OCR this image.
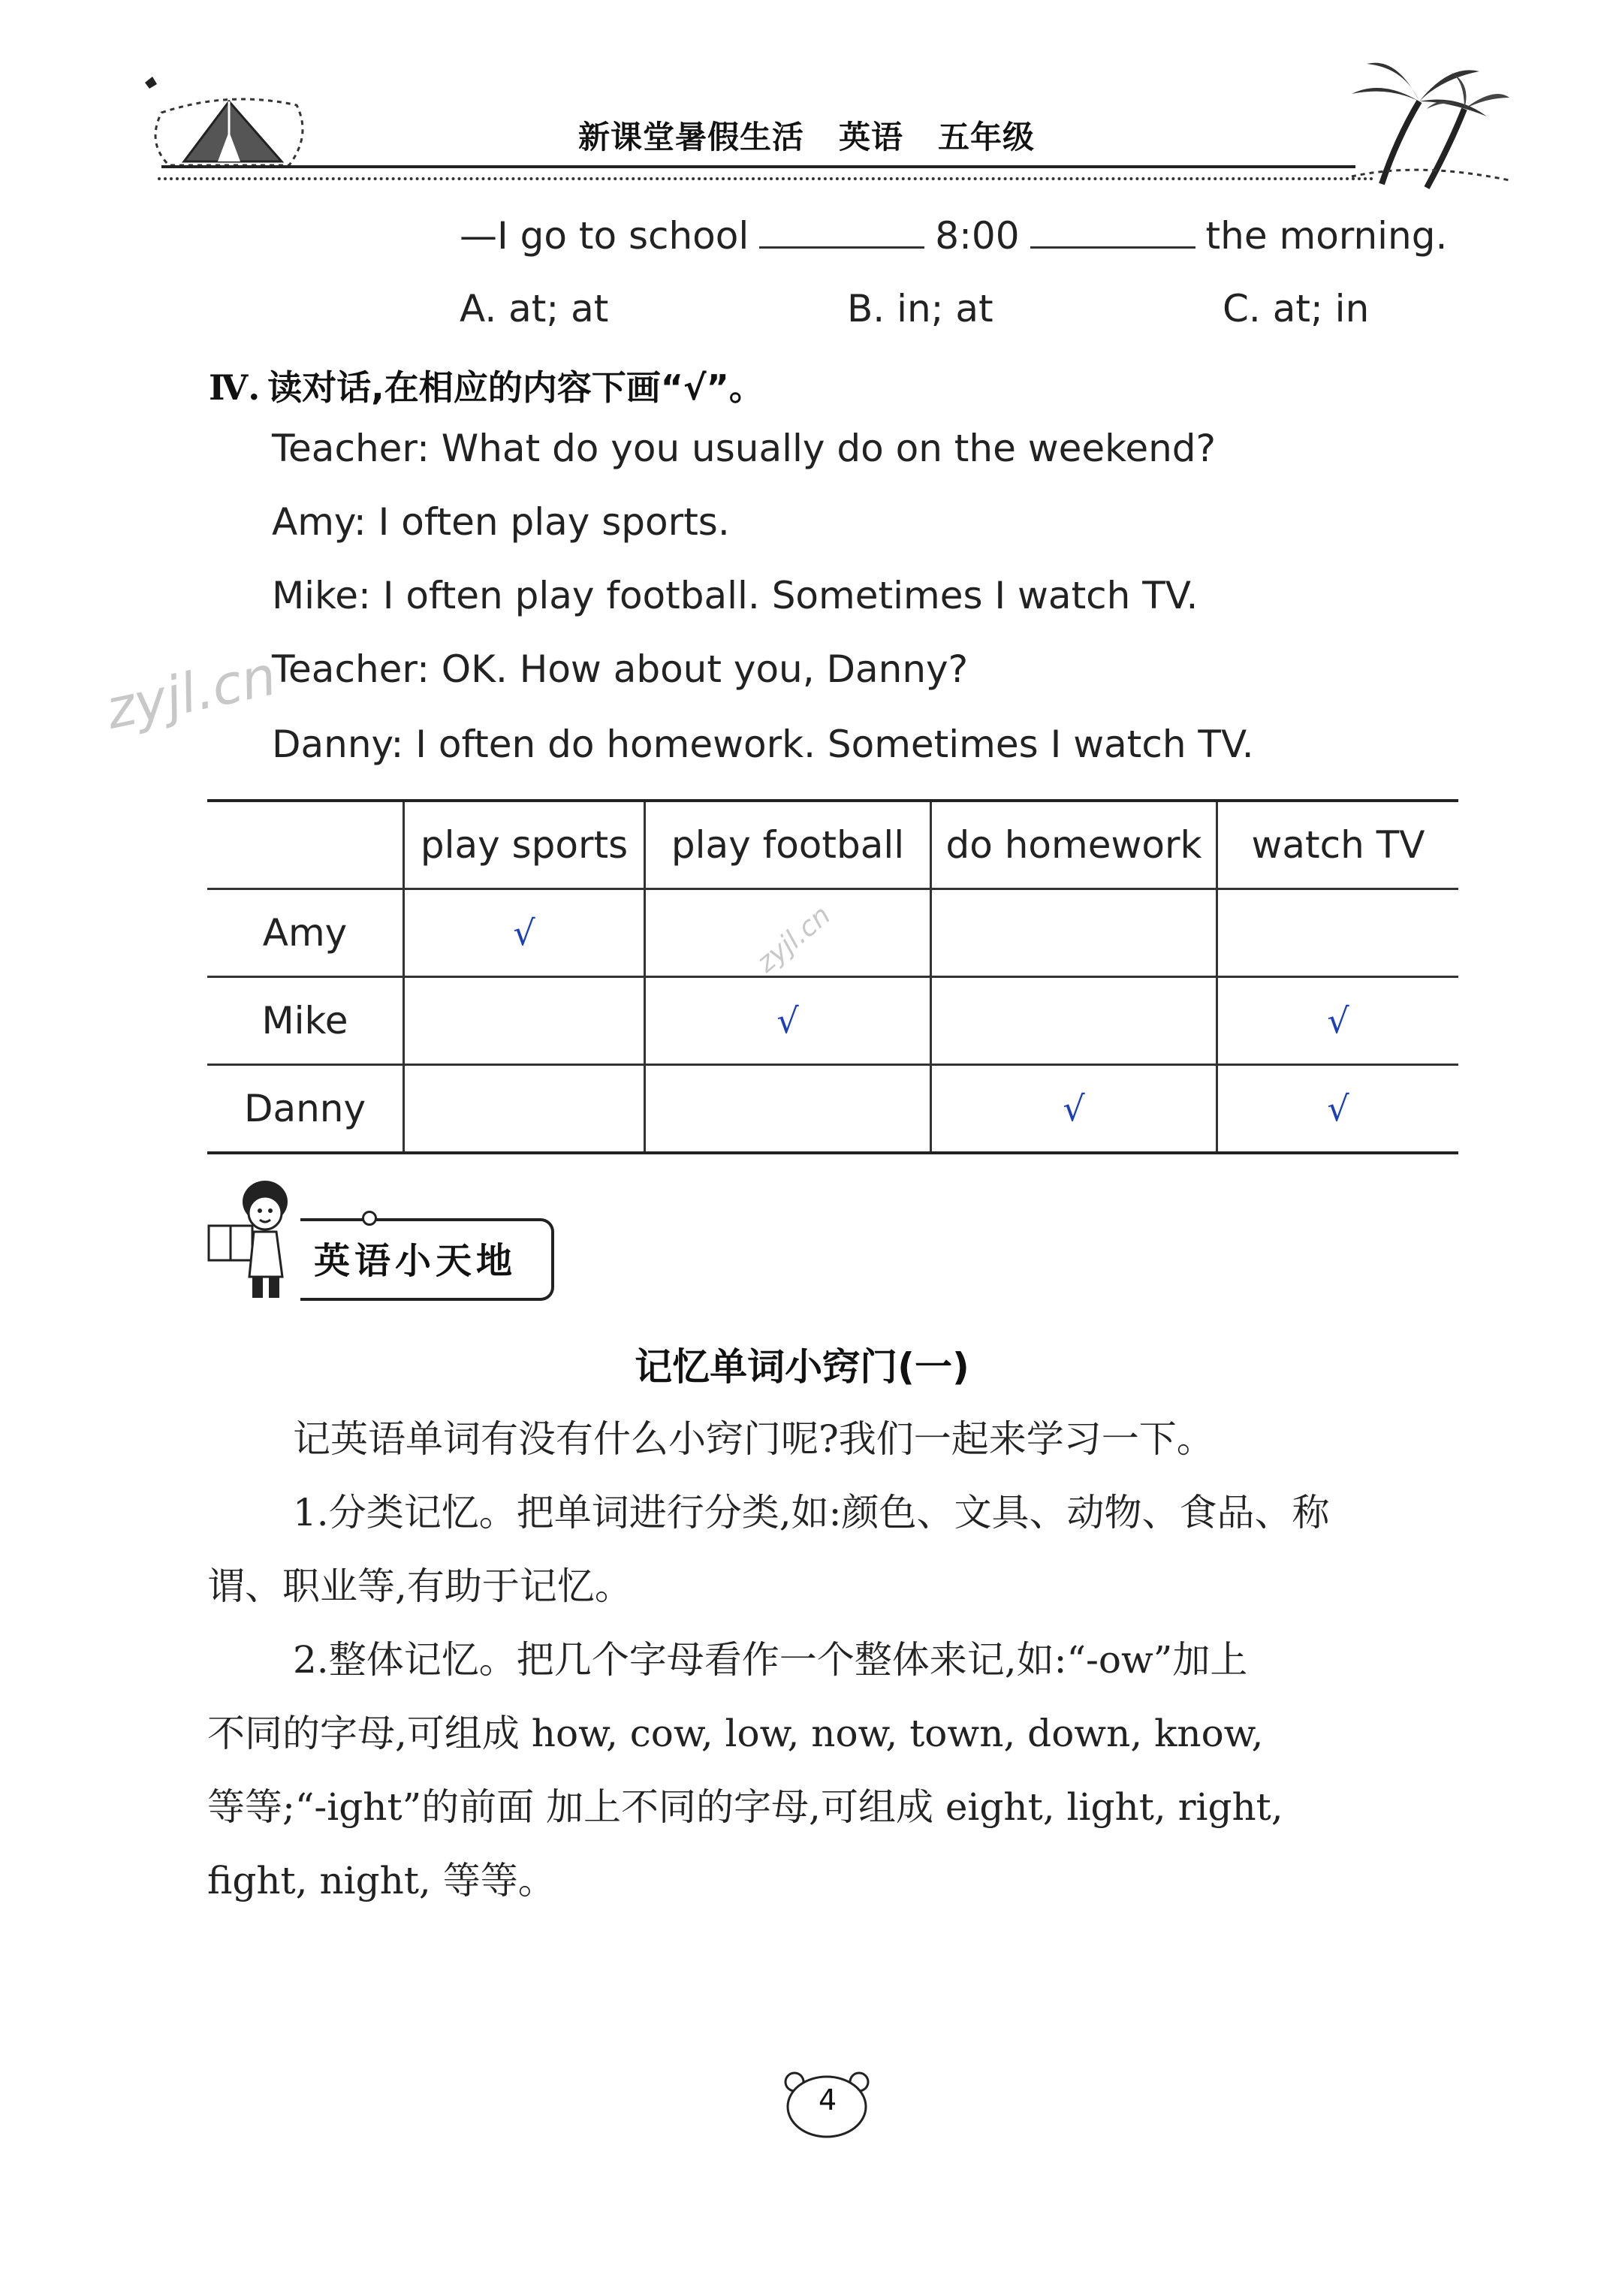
新课堂暑假生活 英语 五年级
—I go to school	8:00	the morning.
A. at; at	B. in; at	C. at; in
Ⅳ. 读对话,在相应的内容下画“√”。
Teacher: What do you usually do on the weekend?
Amy: I often play sports.
Mike: I often play football. Sometimes I watch TV.
Teacher: OK. How about you, Danny?
Danny: I often do homework. Sometimes I watch TV.
zyjl.cn
	play sports	play football	do homework	watch TV
Amy	√			
Mike		√		√
Danny			√	√
zyjl.cn
英语小天地
记忆单词小窍门(一)
记英语单词有没有什么小窍门呢?我们一起来学习一下。
1.分类记忆。把单词进行分类,如:颜色、文具、动物、食品、称
谓、职业等,有助于记忆。
2.整体记忆。把几个字母看作一个整体来记,如:“-ow”加上
不同的字母,可组成 how, cow, low, now, town, down, know,
等等;“-ight”的前面 加上不同的字母,可组成 eight, light, right,
fight, night, 等等。
4
